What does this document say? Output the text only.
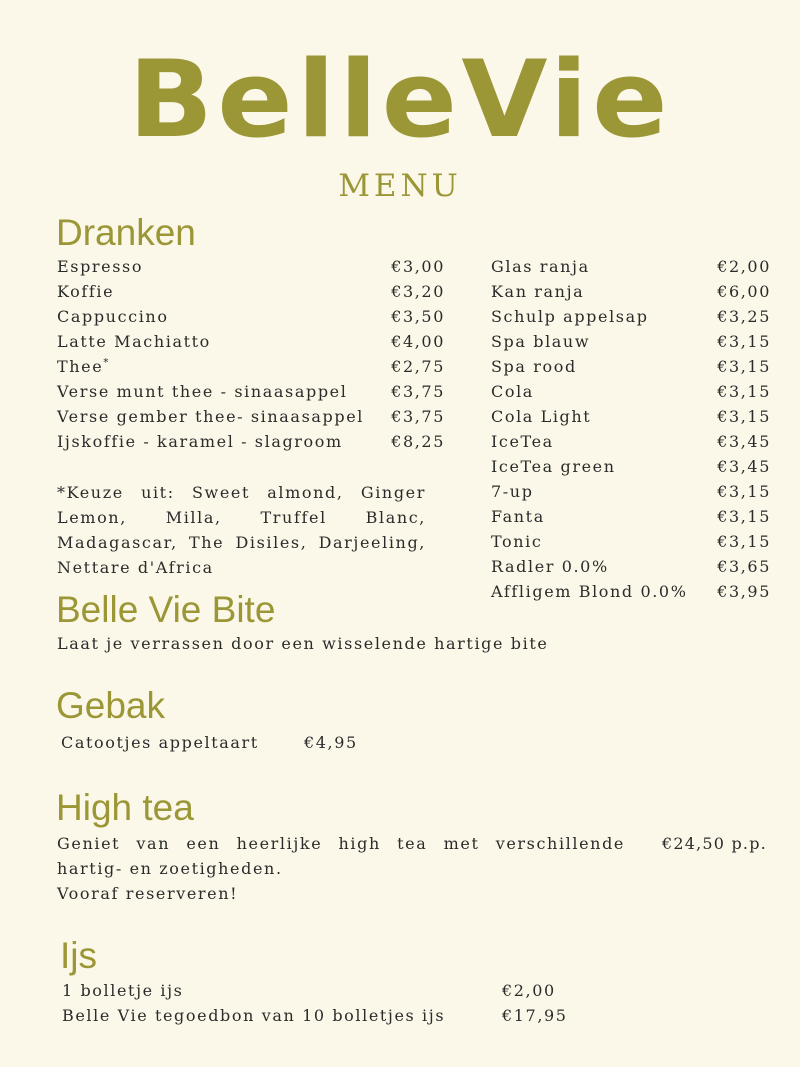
BelleVie
MENU
Dranken
Espresso	€3,00
Koffie	€3,20
Cappuccino	€3,50
Latte Machiatto	€4,00
Thee*	€2,75
Verse munt thee - sinaasappel	€3,75
Verse gember thee- sinaasappel €3,75
Ijskoffie - karamel - slagroom	€8,25
Glas ranja	€2,00
Kan ranja	€6,00
Schulp appelsap	€3,25
Spa blauw	€3,15
Spa rood	€3,15
Cola	€3,15
Cola Light	€3,15
IceTea	€3,45
IceTea green	€3,45
7-up	€3,15
Fanta	€3,15
Tonic	€3,15
Radler 0.0%	€3,65
Affligem Blond 0.0% €3,95
*Keuze uit: Sweet almond, Ginger Lemon, Milla, Truffel Blanc, Madagascar, The Disiles, Darjeeling, Nettare d'Africa
Belle Vie Bite
Laat je verrassen door een wisselende hartige bite
Gebak
Catootjes appeltaart	€4,95
High tea
Geniet van een heerlijke high tea met verschillende
hartig- en zoetigheden.
Vooraf reserveren!
€24,50 p.p.
Ijs
1 bolletje ijs	€2,00
Belle Vie tegoedbon van 10 bolletjes ijs	€17,95
